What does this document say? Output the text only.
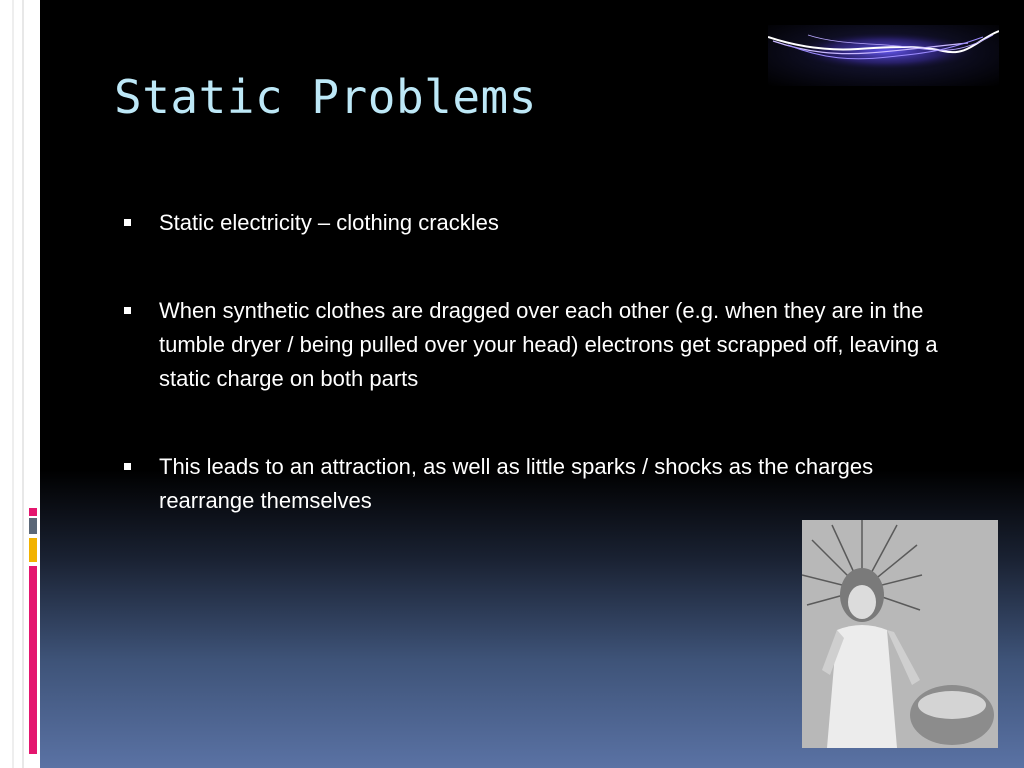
Static Problems
Static electricity – clothing crackles
When synthetic clothes are dragged over each other (e.g. when they are in the tumble dryer / being pulled over your head) electrons get scrapped off, leaving a static charge on both parts
This leads to an attraction, as well as little sparks / shocks as the charges rearrange themselves
